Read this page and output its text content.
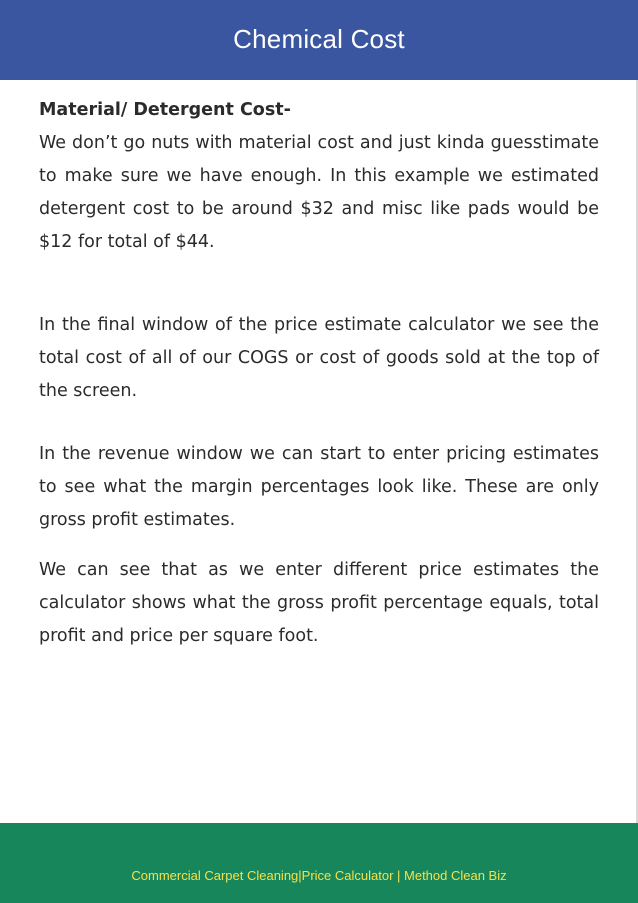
Chemical Cost

Material/ Detergent Cost-
We don’t go nuts with material cost and just kinda guesstimate to make sure we have enough. In this example we estimated detergent cost to be around $32 and misc like pads would be $12 for total of $44.

In the final window of the price estimate calculator we see the total cost of all of our COGS or cost of goods sold at the top of the screen.

In the revenue window we can start to enter pricing estimates to see what the margin percentages look like. These are only gross profit estimates.

We can see that as we enter different price estimates the calculator shows what the gross profit percentage equals, total profit and price per square foot.

Commercial Carpet Cleaning|Price Calculator | Method Clean Biz
